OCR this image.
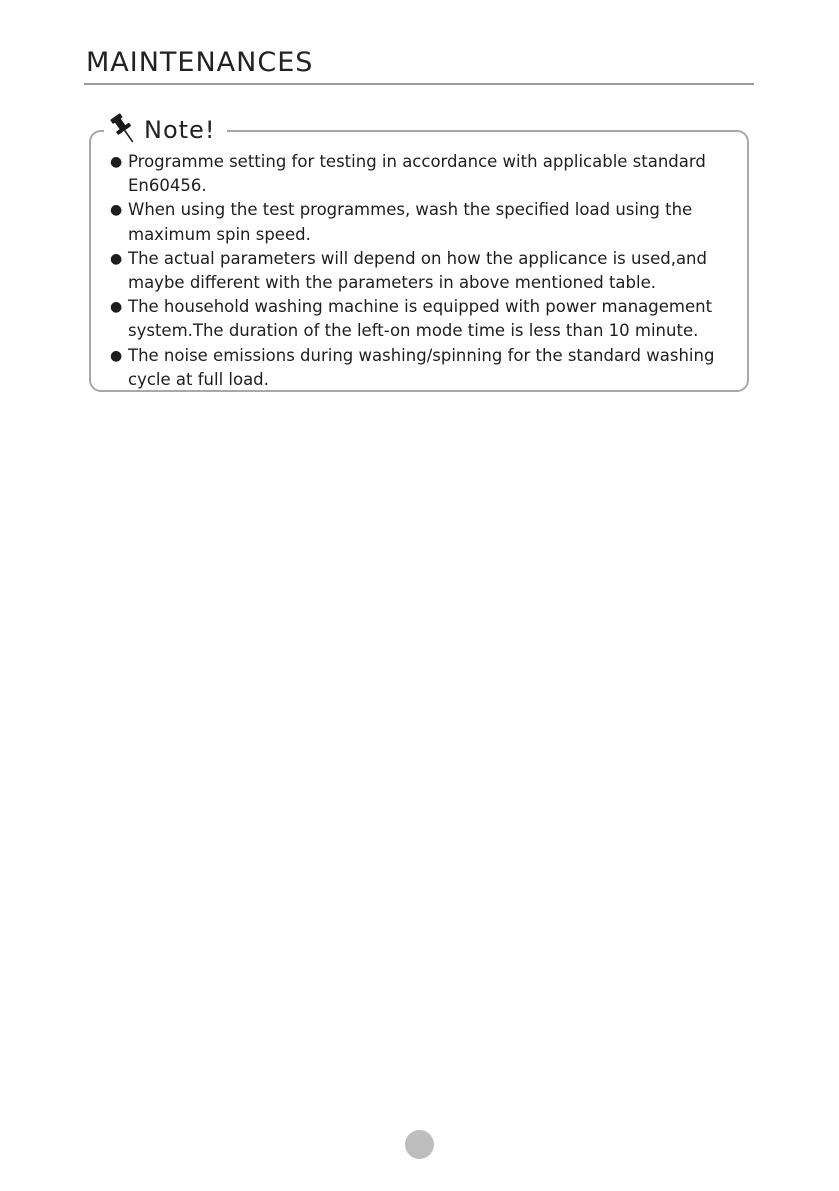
MAINTENANCES
Note!
● Programme setting for testing in accordance with applicable standard En60456.
● When using the test programmes, wash the specified load using the maximum spin speed.
● The actual parameters will depend on how the applicance is used,and maybe different with the parameters in above mentioned table.
● The household washing machine is equipped with power management system.The duration of the left-on mode time is less than 10 minute.
● The noise emissions during washing/spinning for the standard washing cycle at full load.
